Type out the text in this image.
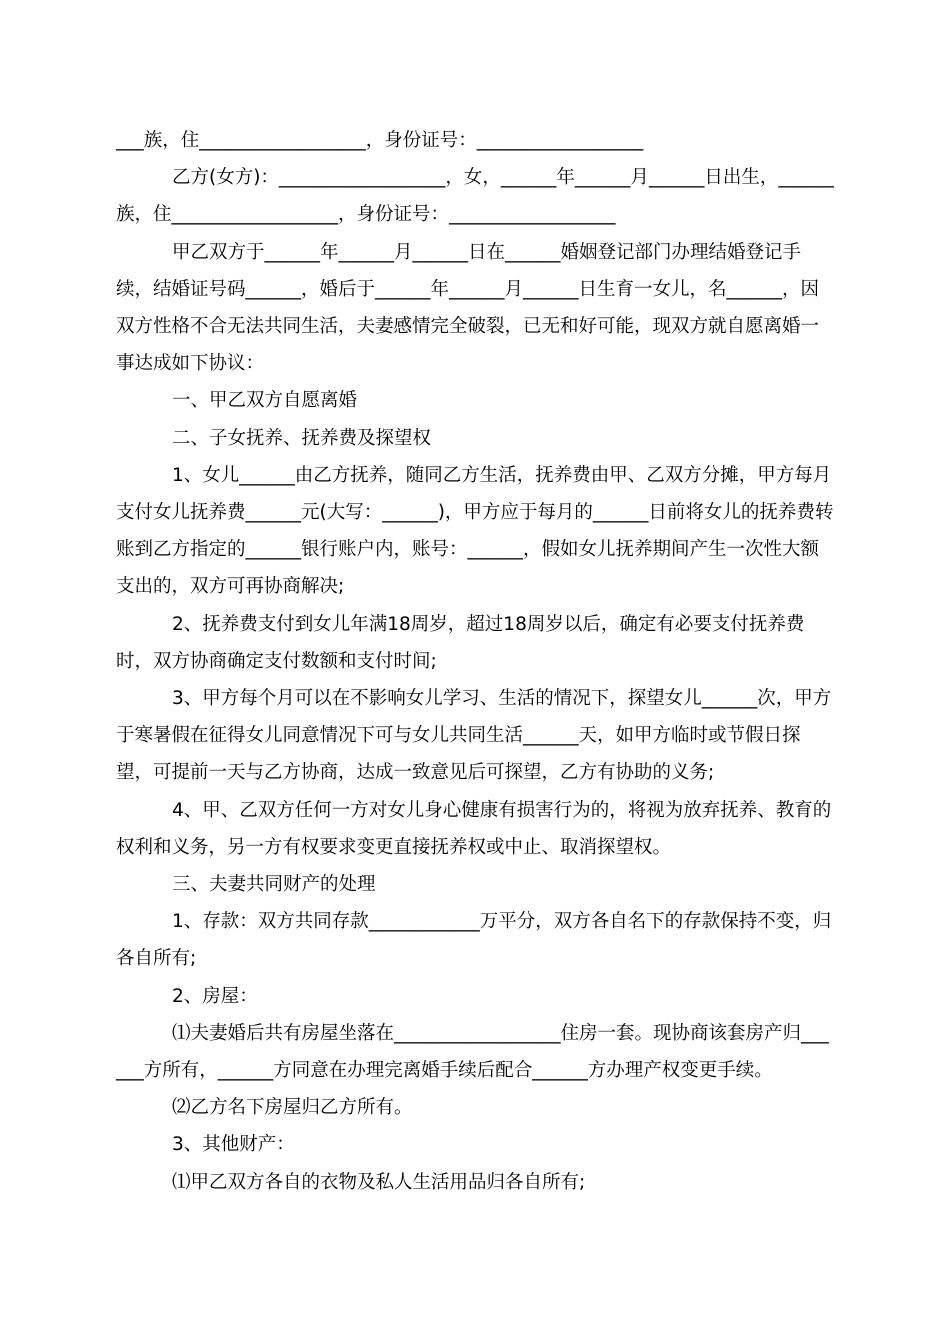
___族，住__________________，身份证号：__________________

乙方(女方)：__________________，女，______年______月______日出生，______族，住__________________，身份证号：__________________

甲乙双方于______年______月______日在______婚姻登记部门办理结婚登记手续，结婚证号码______，婚后于______年______月______日生育一女儿，名______，因双方性格不合无法共同生活，夫妻感情完全破裂，已无和好可能，现双方就自愿离婚一事达成如下协议：

一、甲乙双方自愿离婚

二、子女抚养、抚养费及探望权

1、女儿______由乙方抚养，随同乙方生活，抚养费由甲、乙双方分摊，甲方每月支付女儿抚养费______元(大写：______)，甲方应于每月的______日前将女儿的抚养费转账到乙方指定的______银行账户内，账号：______，假如女儿抚养期间产生一次性大额支出的，双方可再协商解决;

2、抚养费支付到女儿年满18周岁，超过18周岁以后，确定有必要支付抚养费时，双方协商确定支付数额和支付时间;

3、甲方每个月可以在不影响女儿学习、生活的情况下，探望女儿______次，甲方于寒暑假在征得女儿同意情况下可与女儿共同生活______天，如甲方临时或节假日探望，可提前一天与乙方协商，达成一致意见后可探望，乙方有协助的义务;

4、甲、乙双方任何一方对女儿身心健康有损害行为的，将视为放弃抚养、教育的权利和义务，另一方有权要求变更直接抚养权或中止、取消探望权。

三、夫妻共同财产的处理

1、存款：双方共同存款____________万平分，双方各自名下的存款保持不变，归各自所有;

2、房屋：

⑴夫妻婚后共有房屋坐落在__________________住房一套。现协商该套房产归______方所有，______方同意在办理完离婚手续后配合______方办理产权变更手续。

⑵乙方名下房屋归乙方所有。

3、其他财产：

⑴甲乙双方各自的衣物及私人生活用品归各自所有;
